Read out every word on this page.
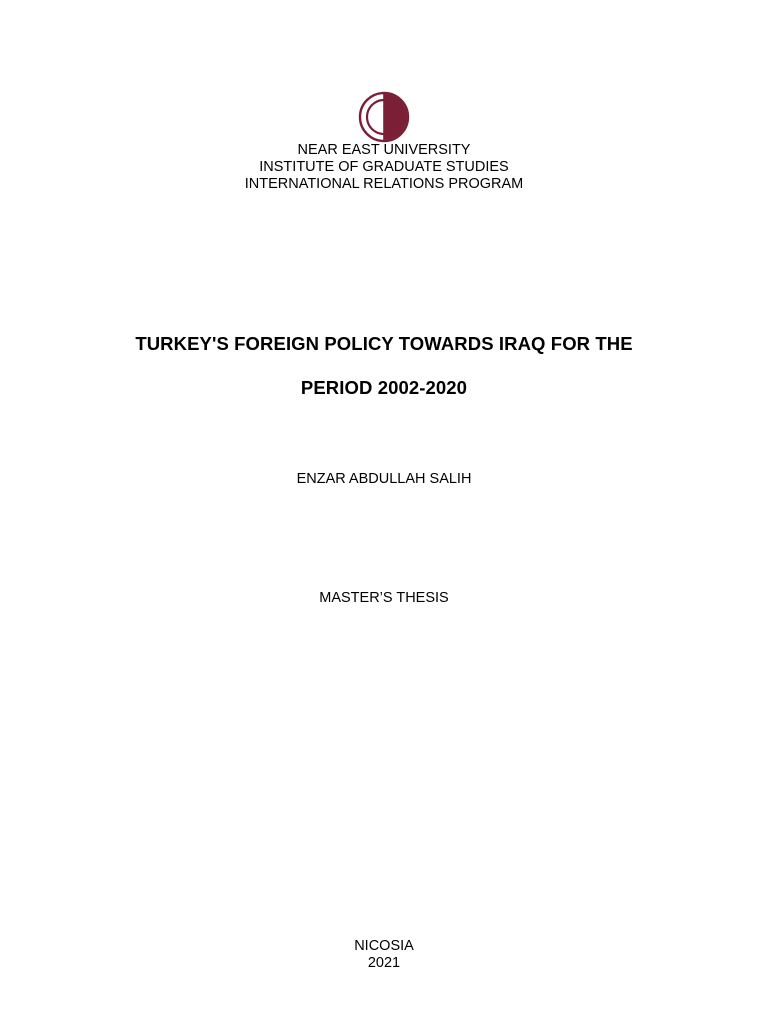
NEAR EAST UNIVERSITY
INSTITUTE OF GRADUATE STUDIES
INTERNATIONAL RELATIONS PROGRAM
TURKEY'S FOREIGN POLICY TOWARDS IRAQ FOR THE
PERIOD 2002-2020
ENZAR ABDULLAH SALIH
MASTER’S THESIS
NICOSIA
2021
